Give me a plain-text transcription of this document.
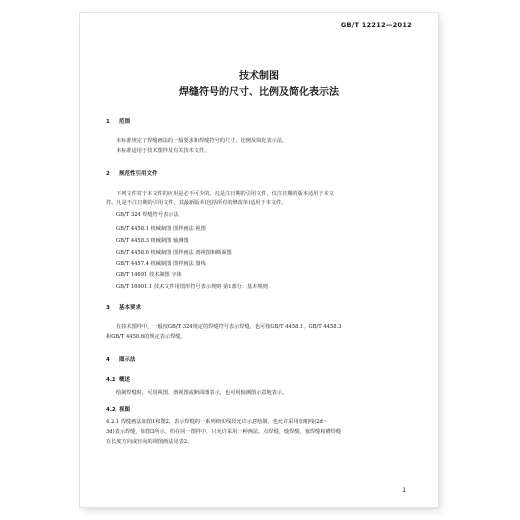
GB/T 12212—2012
技术制图
焊缝符号的尺寸、比例及简化表示法
1 范围
本标准规定了焊缝画法的一般要求和焊缝符号的尺寸、比例及简化表示法。
本标准适用于技术图样及有关技术文件。
2 规范性引用文件
下列文件对于本文件的应用是必不可少的。凡是注日期的引用文件，仅注日期的版本适用于本文
件。凡是不注日期的引用文件，其最新版本(包括所有的修改单)适用于本文件。
GB/T 324 焊缝符号表示法
GB/T 4458.1 机械制图 图样画法 视图
GB/T 4458.3 机械制图 轴测图
GB/T 4458.6 机械制图 图样画法 剖视图和断面图
GB/T 4457.4 机械制图 图样画法 图线
GB/T 14691 技术制图 字体
GB/T 16901.1 技术文件用图形符号表示规则 第1部分：基本规则
3 基本要求
在技术图样中，一般按GB/T 324规定的焊缝符号表示焊缝，也可按GB/T 4458.1、GB/T 4458.3
和GB/T 4458.6的规定表示焊缝。
4 图示法
4.1 概述
绘制焊缝时，可用视图、剖视图或断面图表示，也可用轴测图示意地表示。
4.2 视图
4.2.1 焊缝画法如图1和图2，表示焊缝的一系列细实线段允许示意绘制，也允许采用加粗线(2d～
3d)表示焊缝，如图3所示。但在同一图样中，只允许采用一种画法。点焊缝、缝焊缝、塞焊缝和槽焊缝
在长度方向或径向的视图画法见表2。
1
